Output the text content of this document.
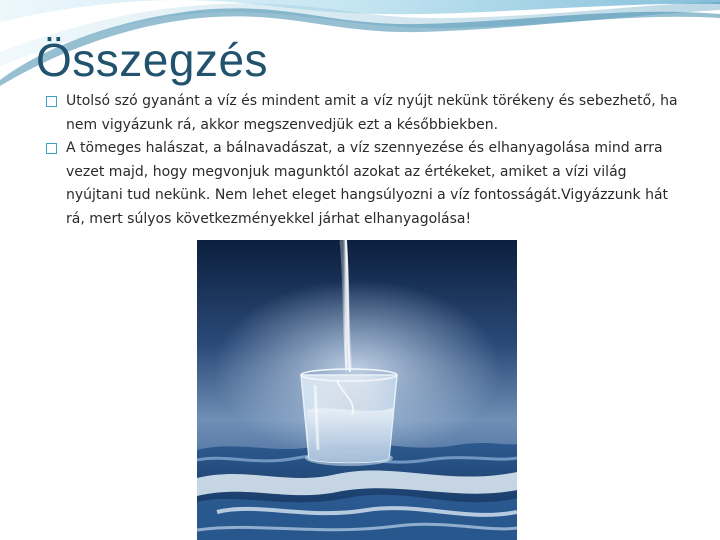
Összegzés

Utolsó szó gyanánt a víz és mindent amit a víz nyújt nekünk törékeny és sebezhető, ha nem vigyázunk rá, akkor megszenvedjük ezt a későbbiekben.

A tömeges halászat, a bálnavadászat, a víz szennyezése és elhanyagolása mind arra vezet majd, hogy megvonjuk magunktól azokat az értékeket, amiket a vízi világ nyújtani tud nekünk. Nem lehet eleget hangsúlyozni a víz fontosságát.Vigyázzunk hát rá, mert súlyos következményekkel járhat elhanyagolása!
